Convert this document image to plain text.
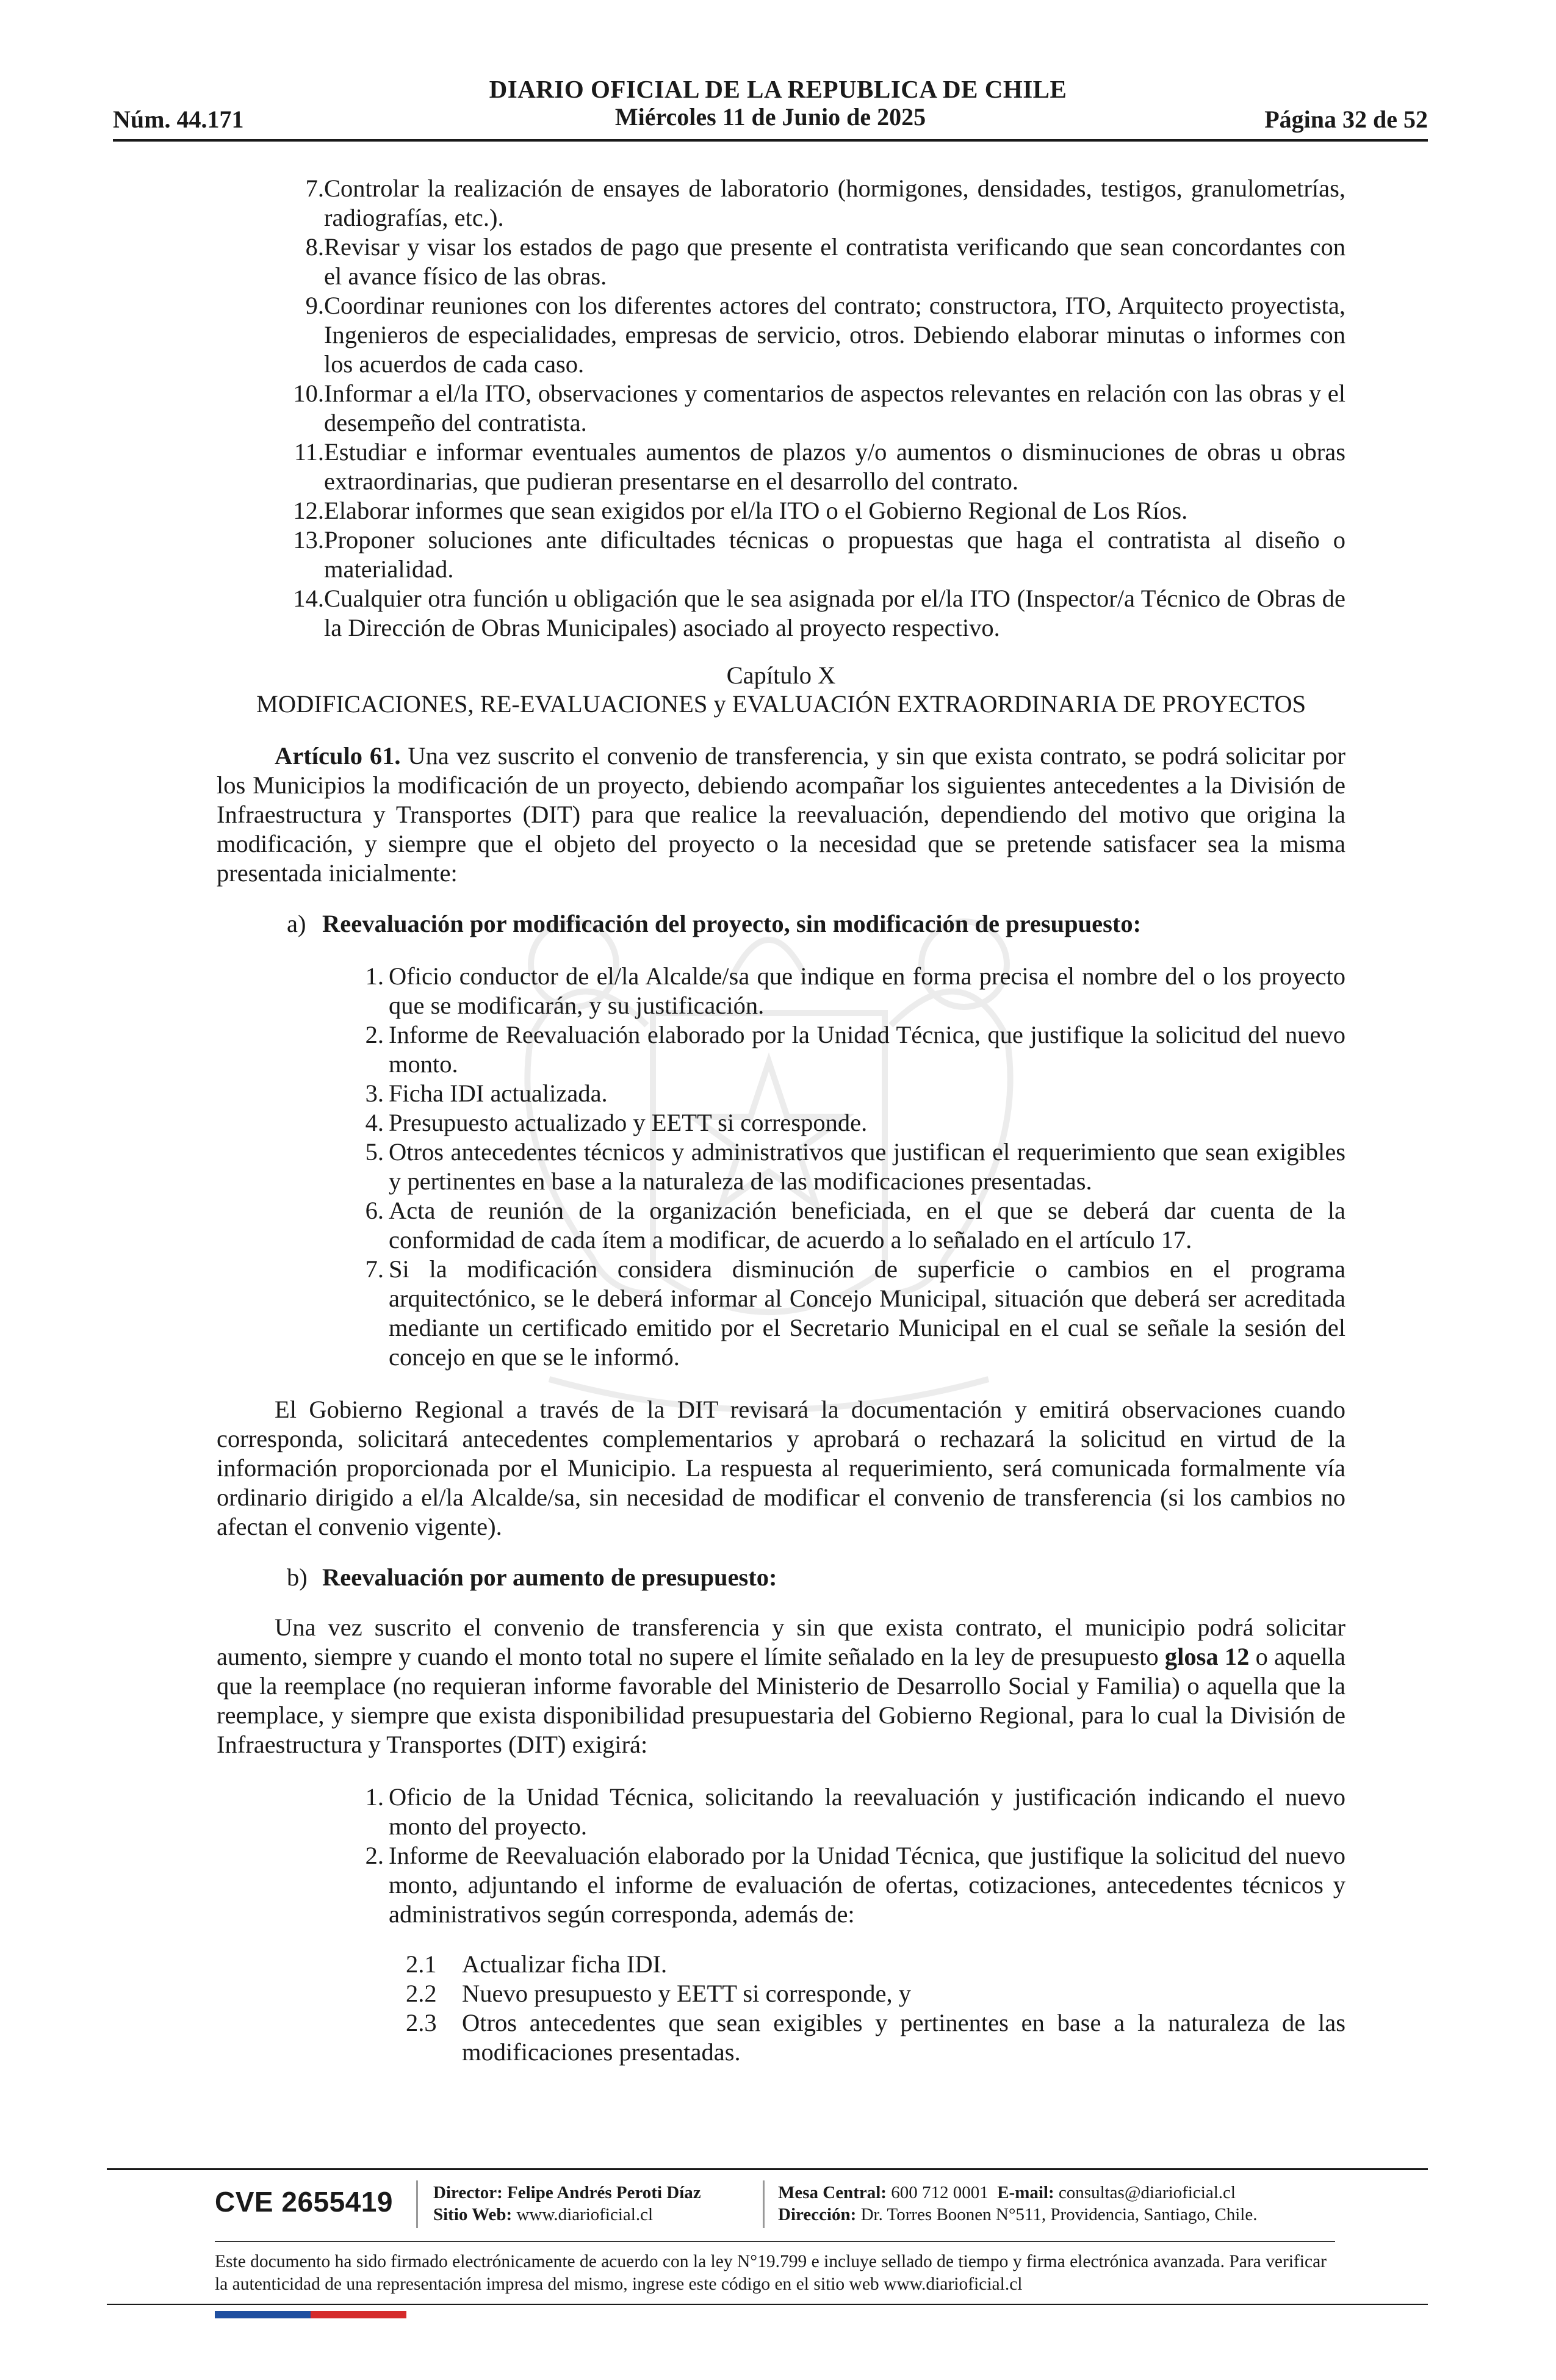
DIARIO OFICIAL DE LA REPUBLICA DE CHILE
Núm. 44.171	Miércoles 11 de Junio de 2025	Página 32 de 52
7. Controlar la realización de ensayes de laboratorio (hormigones, densidades, testigos, granulometrías, radiografías, etc.).
8. Revisar y visar los estados de pago que presente el contratista verificando que sean concordantes con el avance físico de las obras.
9. Coordinar reuniones con los diferentes actores del contrato; constructora, ITO, Arquitecto proyectista, Ingenieros de especialidades, empresas de servicio, otros. Debiendo elaborar minutas o informes con los acuerdos de cada caso.
10. Informar a el/la ITO, observaciones y comentarios de aspectos relevantes en relación con las obras y el desempeño del contratista.
11. Estudiar e informar eventuales aumentos de plazos y/o aumentos o disminuciones de obras u obras extraordinarias, que pudieran presentarse en el desarrollo del contrato.
12. Elaborar informes que sean exigidos por el/la ITO o el Gobierno Regional de Los Ríos.
13. Proponer soluciones ante dificultades técnicas o propuestas que haga el contratista al diseño o materialidad.
14. Cualquier otra función u obligación que le sea asignada por el/la ITO (Inspector/a Técnico de Obras de la Dirección de Obras Municipales) asociado al proyecto respectivo.
Capítulo X
MODIFICACIONES, RE-EVALUACIONES y EVALUACIÓN EXTRAORDINARIA DE PROYECTOS

Artículo 61. Una vez suscrito el convenio de transferencia, y sin que exista contrato, se podrá solicitar por los Municipios la modificación de un proyecto, debiendo acompañar los siguientes antecedentes a la División de Infraestructura y Transportes (DIT) para que realice la reevaluación, dependiendo del motivo que origina la modificación, y siempre que el objeto del proyecto o la necesidad que se pretende satisfacer sea la misma presentada inicialmente:

a) Reevaluación por modificación del proyecto, sin modificación de presupuesto:
1. Oficio conductor de el/la Alcalde/sa que indique en forma precisa el nombre del o los proyecto que se modificarán, y su justificación.
2. Informe de Reevaluación elaborado por la Unidad Técnica, que justifique la solicitud del nuevo monto.
3. Ficha IDI actualizada.
4. Presupuesto actualizado y EETT si corresponde.
5. Otros antecedentes técnicos y administrativos que justifican el requerimiento que sean exigibles y pertinentes en base a la naturaleza de las modificaciones presentadas.
6. Acta de reunión de la organización beneficiada, en el que se deberá dar cuenta de la conformidad de cada ítem a modificar, de acuerdo a lo señalado en el artículo 17.
7. Si la modificación considera disminución de superficie o cambios en el programa arquitectónico, se le deberá informar al Concejo Municipal, situación que deberá ser acreditada mediante un certificado emitido por el Secretario Municipal en el cual se señale la sesión del concejo en que se le informó.

El Gobierno Regional a través de la DIT revisará la documentación y emitirá observaciones cuando corresponda, solicitará antecedentes complementarios y aprobará o rechazará la solicitud en virtud de la información proporcionada por el Municipio. La respuesta al requerimiento, será comunicada formalmente vía ordinario dirigido a el/la Alcalde/sa, sin necesidad de modificar el convenio de transferencia (si los cambios no afectan el convenio vigente).

b) Reevaluación por aumento de presupuesto:

Una vez suscrito el convenio de transferencia y sin que exista contrato, el municipio podrá solicitar aumento, siempre y cuando el monto total no supere el límite señalado en la ley de presupuesto glosa 12 o aquella que la reemplace (no requieran informe favorable del Ministerio de Desarrollo Social y Familia) o aquella que la reemplace, y siempre que exista disponibilidad presupuestaria del Gobierno Regional, para lo cual la División de Infraestructura y Transportes (DIT) exigirá:

1. Oficio de la Unidad Técnica, solicitando la reevaluación y justificación indicando el nuevo monto del proyecto.
2. Informe de Reevaluación elaborado por la Unidad Técnica, que justifique la solicitud del nuevo monto, adjuntando el informe de evaluación de ofertas, cotizaciones, antecedentes técnicos y administrativos según corresponda, además de:
2.1	Actualizar ficha IDI.
2.2	Nuevo presupuesto y EETT si corresponde, y
2.3	Otros antecedentes que sean exigibles y pertinentes en base a la naturaleza de las modificaciones presentadas.
CVE 2655419 Director: Felipe Andrés Peroti Díaz
Sitio Web: www.diarioficial.cl
Mesa Central: 600 712 0001 E-mail: consultas@diarioficial.cl
Dirección: Dr. Torres Boonen N°511, Providencia, Santiago, Chile.
Este documento ha sido firmado electrónicamente de acuerdo con la ley N°19.799 e incluye sellado de tiempo y firma electrónica avanzada. Para verificar la autenticidad de una representación impresa del mismo, ingrese este código en el sitio web www.diarioficial.cl
